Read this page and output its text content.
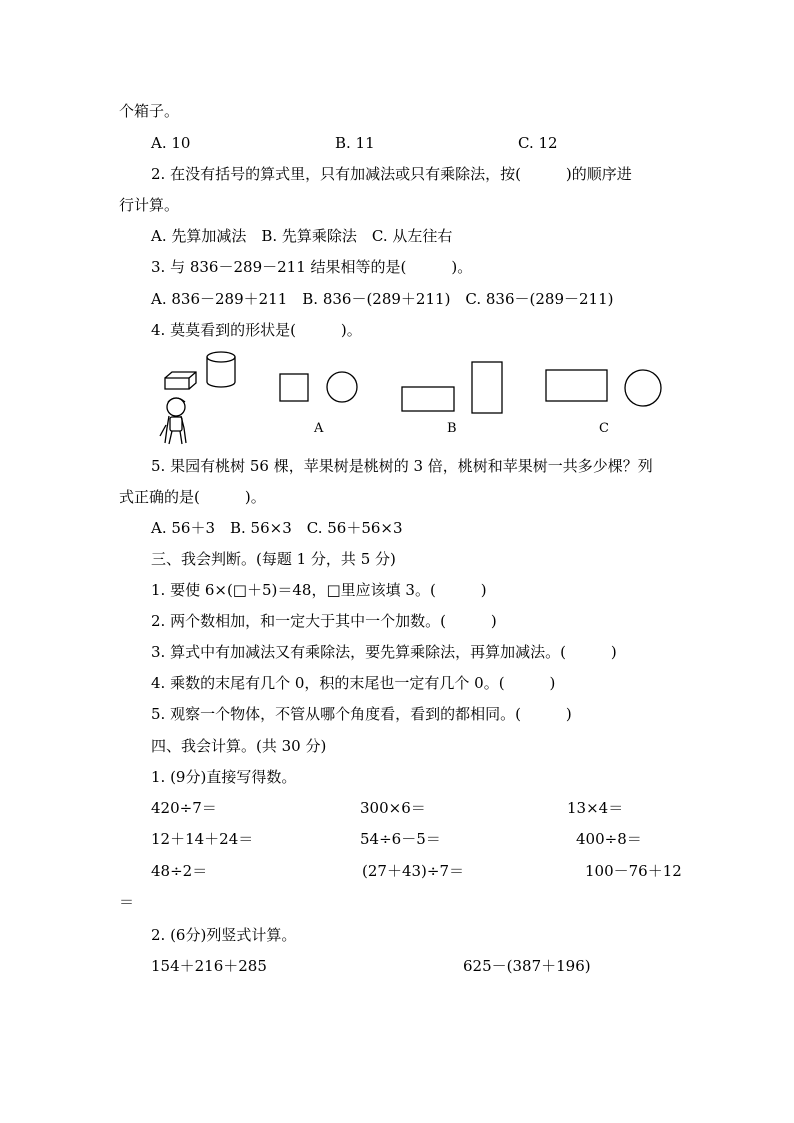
个箱子。
A. 10	B. 11	C. 12
2. 在没有括号的算式里，只有加减法或只有乘除法，按(　　　)的顺序进
行计算。
A. 先算加减法　B. 先算乘除法　C. 从左往右
3. 与 836－289－211 结果相等的是(　　　)。
A. 836－289＋211　B. 836－(289＋211)　C. 836－(289－211)
4. 莫莫看到的形状是(　　　)。
A	B	C
5. 果园有桃树 56 棵，苹果树是桃树的 3 倍，桃树和苹果树一共多少棵？列
式正确的是(　　　)。
A. 56＋3　B. 56×3　C. 56＋56×3
三、我会判断。(每题 1 分，共 5 分)
1. 要使 6×(□＋5)＝48，□里应该填 3。(　　　)
2. 两个数相加，和一定大于其中一个加数。(　　　)
3. 算式中有加减法又有乘除法，要先算乘除法，再算加减法。(　　　)
4. 乘数的末尾有几个 0，积的末尾也一定有几个 0。(　　　)
5. 观察一个物体，不管从哪个角度看，看到的都相同。(　　　)
四、我会计算。(共 30 分)
1. (9分)直接写得数。
420÷7＝	300×6＝	13×4＝
12＋14＋24＝	54÷6－5＝	400÷8＝
48÷2＝	(27＋43)÷7＝	100－76＋12
＝
2. (6分)列竖式计算。
154＋216＋285	625－(387＋196)
